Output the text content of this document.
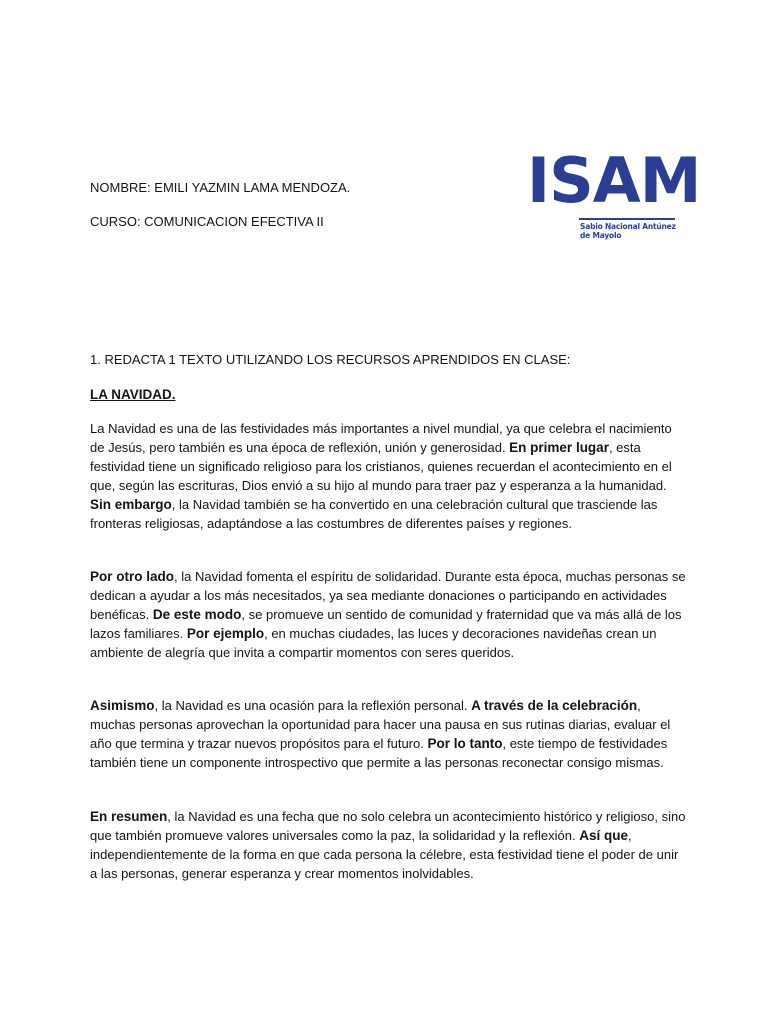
NOMBRE: EMILI YAZMIN LAMA MENDOZA.
CURSO: COMUNICACION EFECTIVA II
ISAM
Sabio Nacional Antúnez
de Mayolo
1. REDACTA 1 TEXTO UTILIZANDO LOS RECURSOS APRENDIDOS EN CLASE:
LA NAVIDAD.

La Navidad es una de las festividades más importantes a nivel mundial, ya que celebra el nacimiento de Jesús, pero también es una época de reflexión, unión y generosidad. En primer lugar, esta festividad tiene un significado religioso para los cristianos, quienes recuerdan el acontecimiento en el que, según las escrituras, Dios envió a su hijo al mundo para traer paz y esperanza a la humanidad. Sin embargo, la Navidad también se ha convertido en una celebración cultural que trasciende las fronteras religiosas, adaptándose a las costumbres de diferentes países y regiones.

Por otro lado, la Navidad fomenta el espíritu de solidaridad. Durante esta época, muchas personas se dedican a ayudar a los más necesitados, ya sea mediante donaciones o participando en actividades benéficas. De este modo, se promueve un sentido de comunidad y fraternidad que va más allá de los lazos familiares. Por ejemplo, en muchas ciudades, las luces y decoraciones navideñas crean un ambiente de alegría que invita a compartir momentos con seres queridos.

Asimismo, la Navidad es una ocasión para la reflexión personal. A través de la celebración, muchas personas aprovechan la oportunidad para hacer una pausa en sus rutinas diarias, evaluar el año que termina y trazar nuevos propósitos para el futuro. Por lo tanto, este tiempo de festividades también tiene un componente introspectivo que permite a las personas reconectar consigo mismas.

En resumen, la Navidad es una fecha que no solo celebra un acontecimiento histórico y religioso, sino que también promueve valores universales como la paz, la solidaridad y la reflexión. Así que, independientemente de la forma en que cada persona la célebre, esta festividad tiene el poder de unir a las personas, generar esperanza y crear momentos inolvidables.
